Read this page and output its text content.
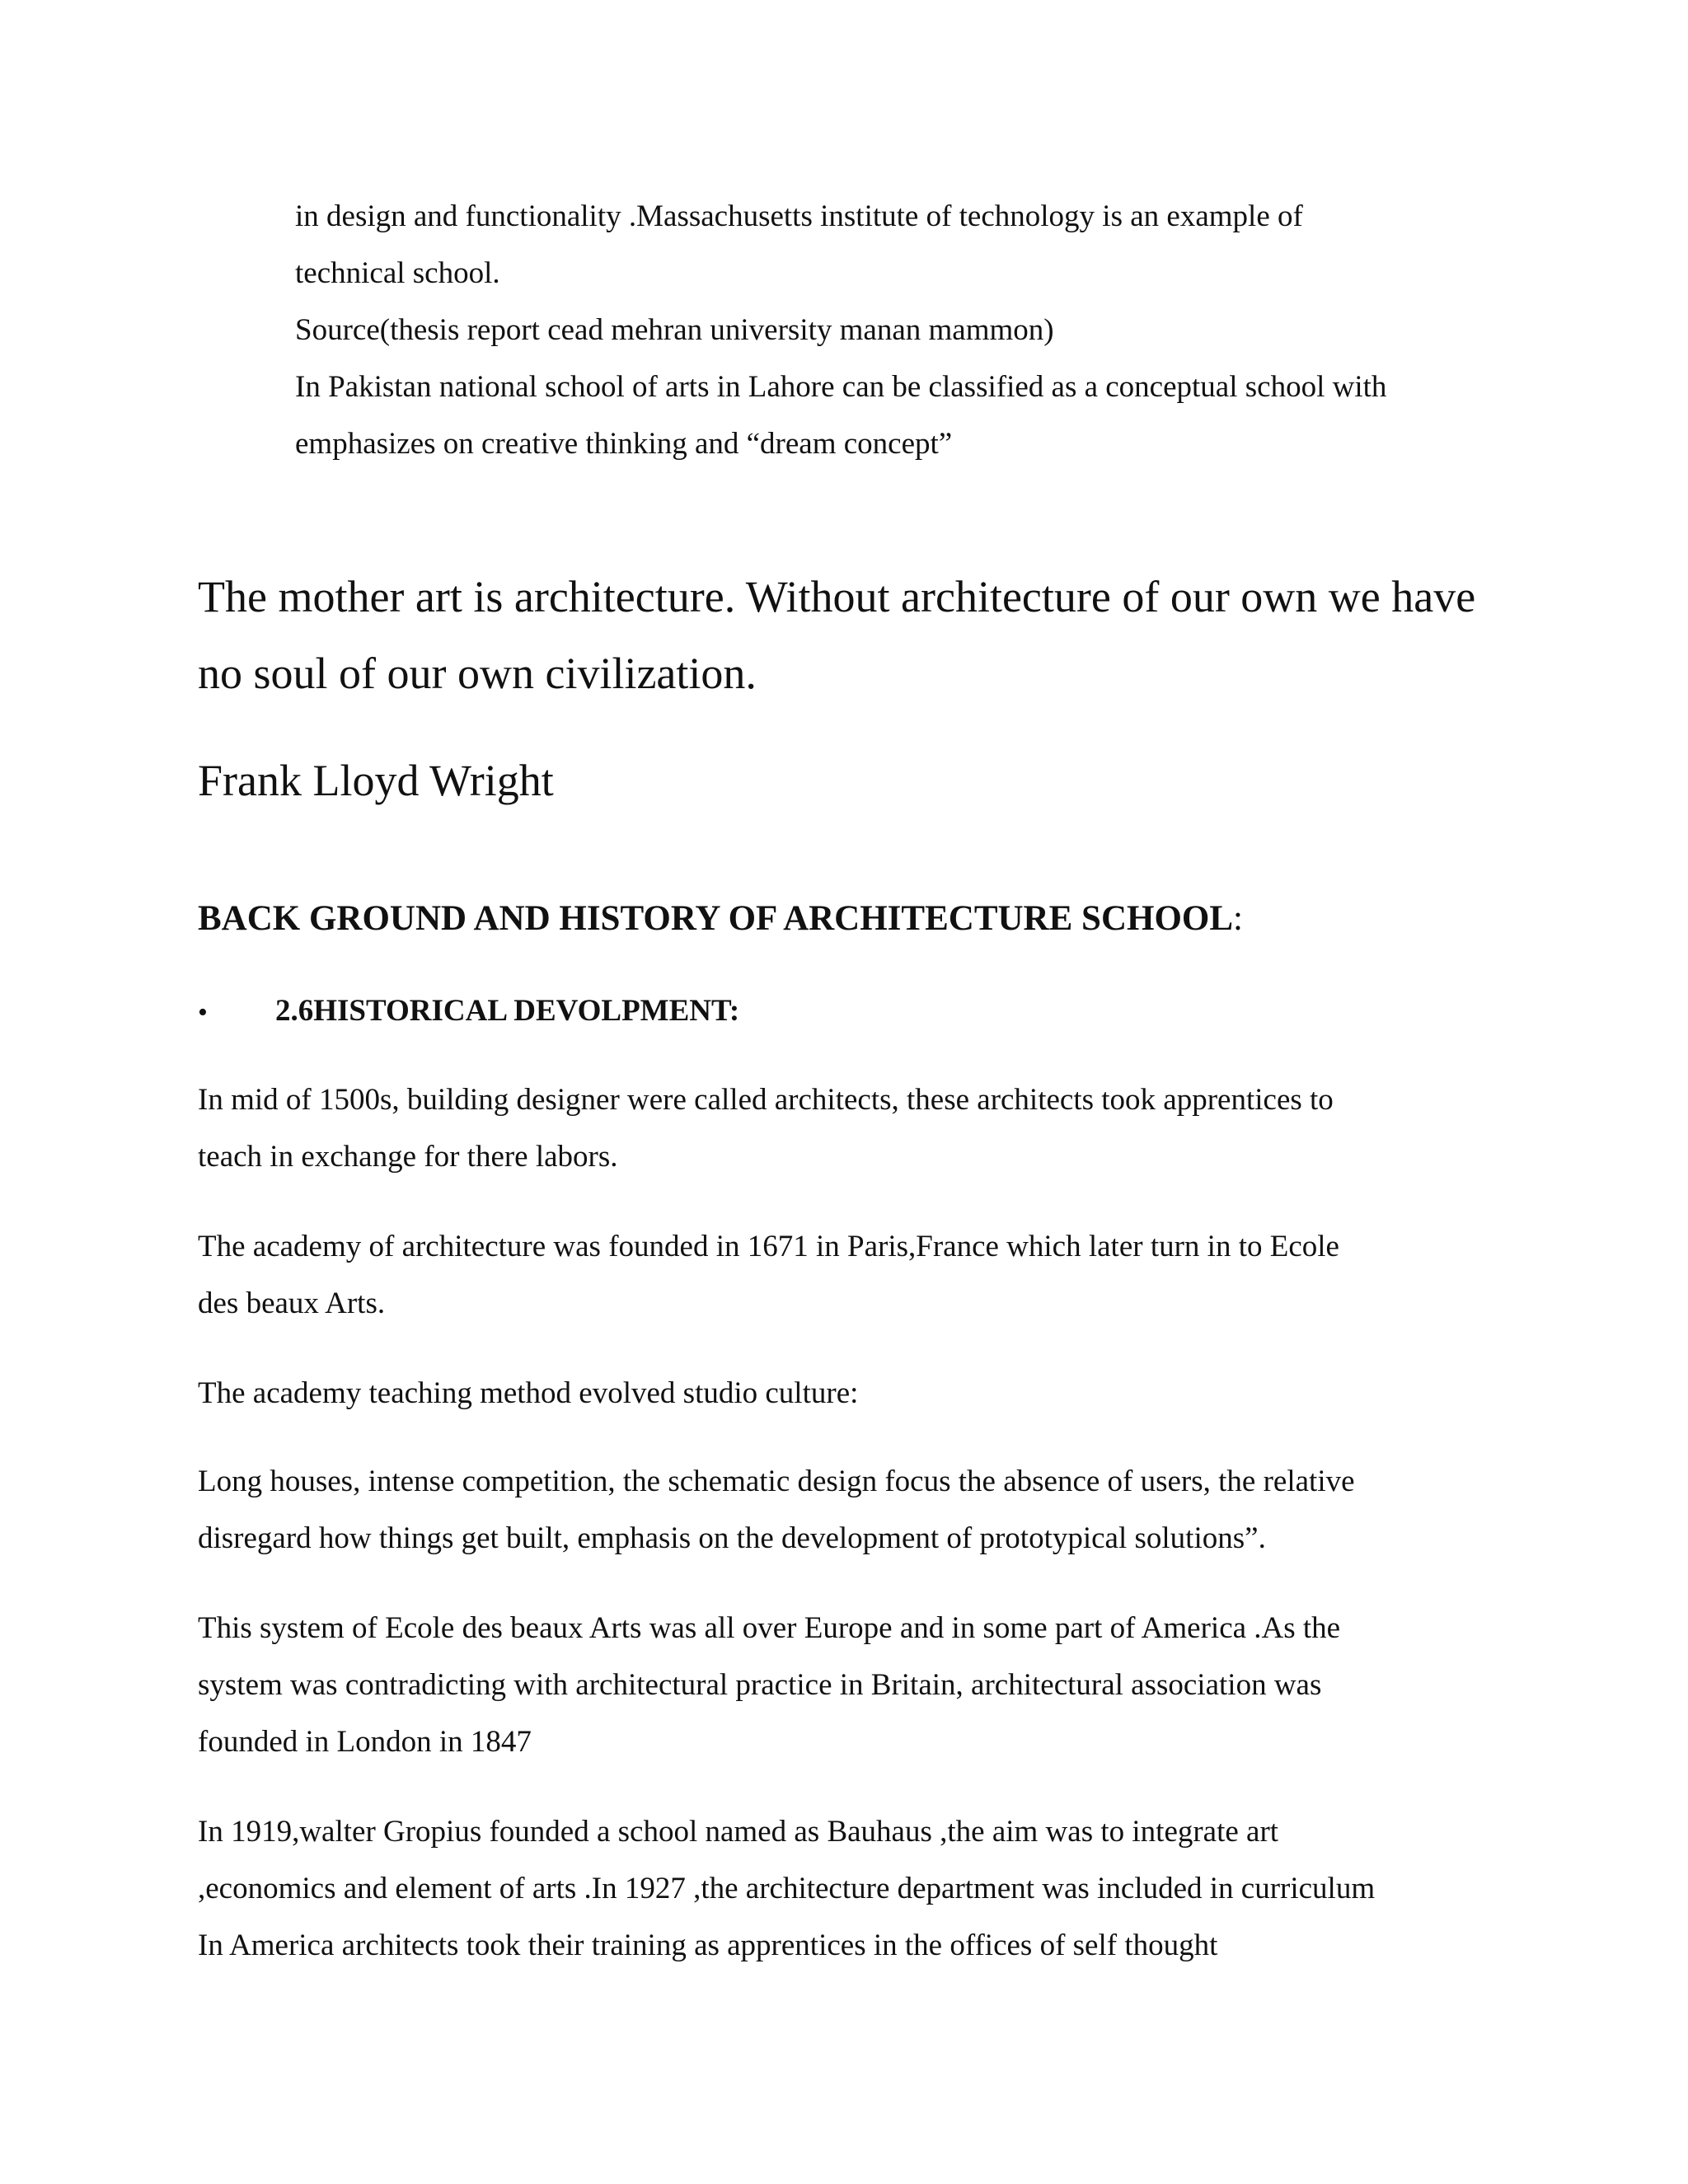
in design and functionality .Massachusetts institute of technology is an example of

technical school.

Source(thesis report cead mehran university manan mammon)

In Pakistan national school of arts in Lahore can be classified as a conceptual school with

emphasizes on creative thinking and “dream concept”

The mother art is architecture. Without architecture of our own we have

no soul of our own civilization.

Frank Lloyd Wright

BACK GROUND AND HISTORY OF ARCHITECTURE SCHOOL:

• 2.6HISTORICAL DEVOLPMENT:

In mid of 1500s, building designer were called architects, these architects took apprentices to

teach in exchange for there labors.

The academy of architecture was founded in 1671 in Paris,France which later turn in to Ecole

des beaux Arts.

The academy teaching method evolved studio culture:

Long houses, intense competition, the schematic design focus the absence of users, the relative

disregard how things get built, emphasis on the development of prototypical solutions”.

This system of Ecole des beaux Arts was all over Europe and in some part of America .As the

system was contradicting with architectural practice in Britain, architectural association was

founded in London in 1847

In 1919,walter Gropius founded a school named as Bauhaus ,the aim was to integrate art

,economics and element of arts .In 1927 ,the architecture department was included in curriculum

In America architects took their training as apprentices in the offices of self thought
